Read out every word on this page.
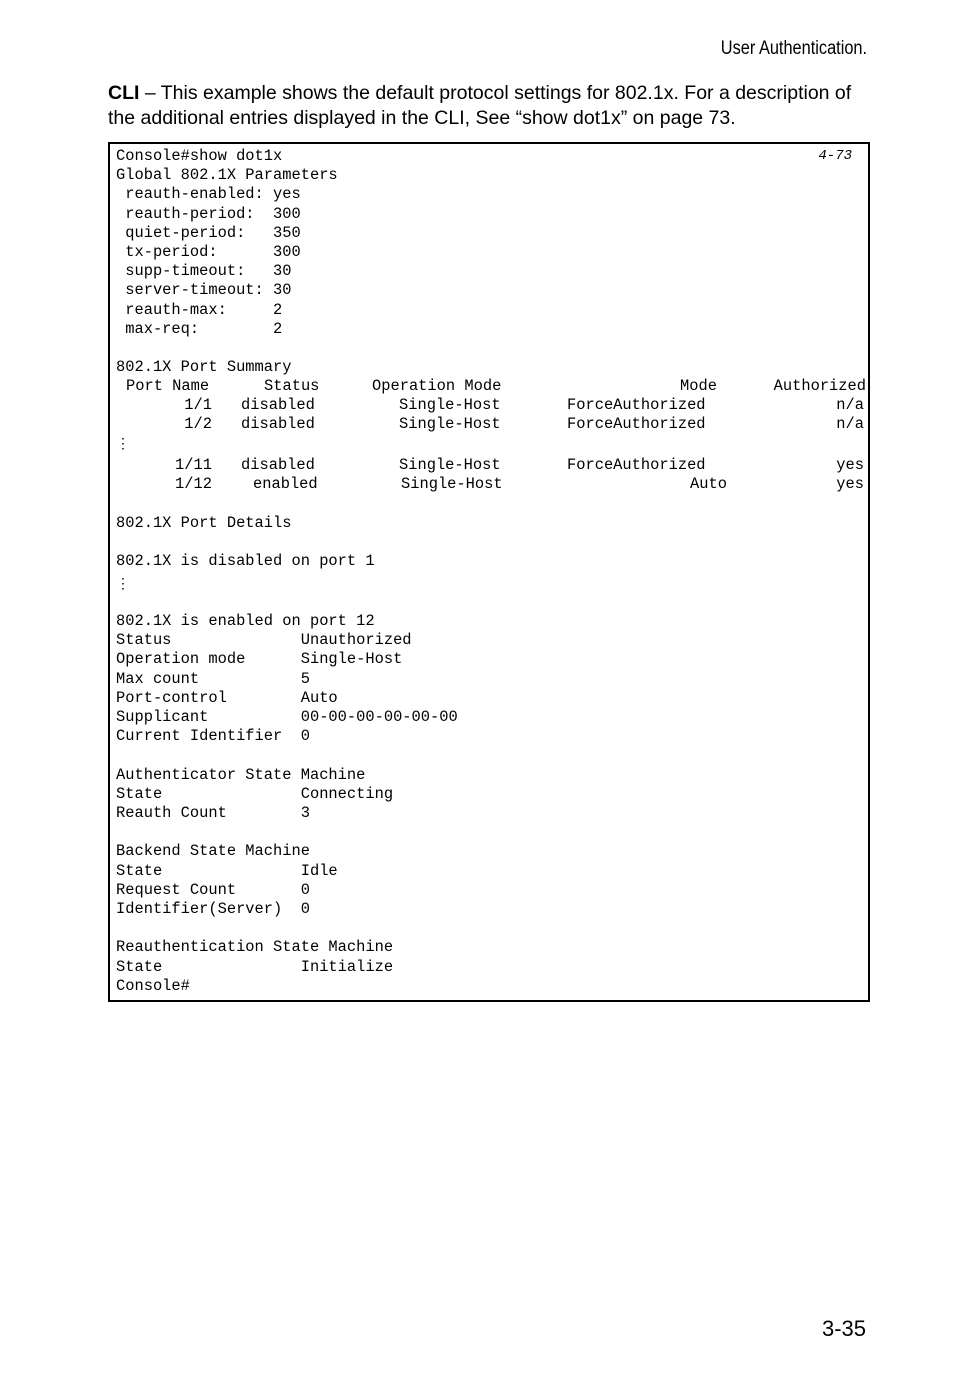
User Authentication.
CLI – This example shows the default protocol settings for 802.1x. For a description of the additional entries displayed in the CLI, See “show dot1x” on page 73.
4-73
Console#show dot1x
Global 802.1X Parameters
reauth-enabled: yes
reauth-period:  300
quiet-period:   350
tx-period:      300
supp-timeout:   30
server-timeout: 30
reauth-max:     2
max-req:        2

802.1X Port Summary
Port Name	Status	Operation Mode	Mode	Authorized
1/1 disabled	Single-Host	ForceAuthorized	n/a
1/2 disabled	Single-Host	ForceAuthorized	n/a
⋮
1/11 disabled	Single-Host	ForceAuthorized	yes
1/12	enabled	Single-Host	Auto	yes
802.1X Port Details

802.1X is disabled on port 1
⋮
802.1X is enabled on port 12
Status              Unauthorized
Operation mode      Single-Host
Max count           5
Port-control        Auto
Supplicant          00-00-00-00-00-00
Current Identifier  0

Authenticator State Machine
State               Connecting
Reauth Count        3

Backend State Machine
State               Idle
Request Count       0
Identifier(Server)  0

Reauthentication State Machine
State               Initialize
Console#
3-35
